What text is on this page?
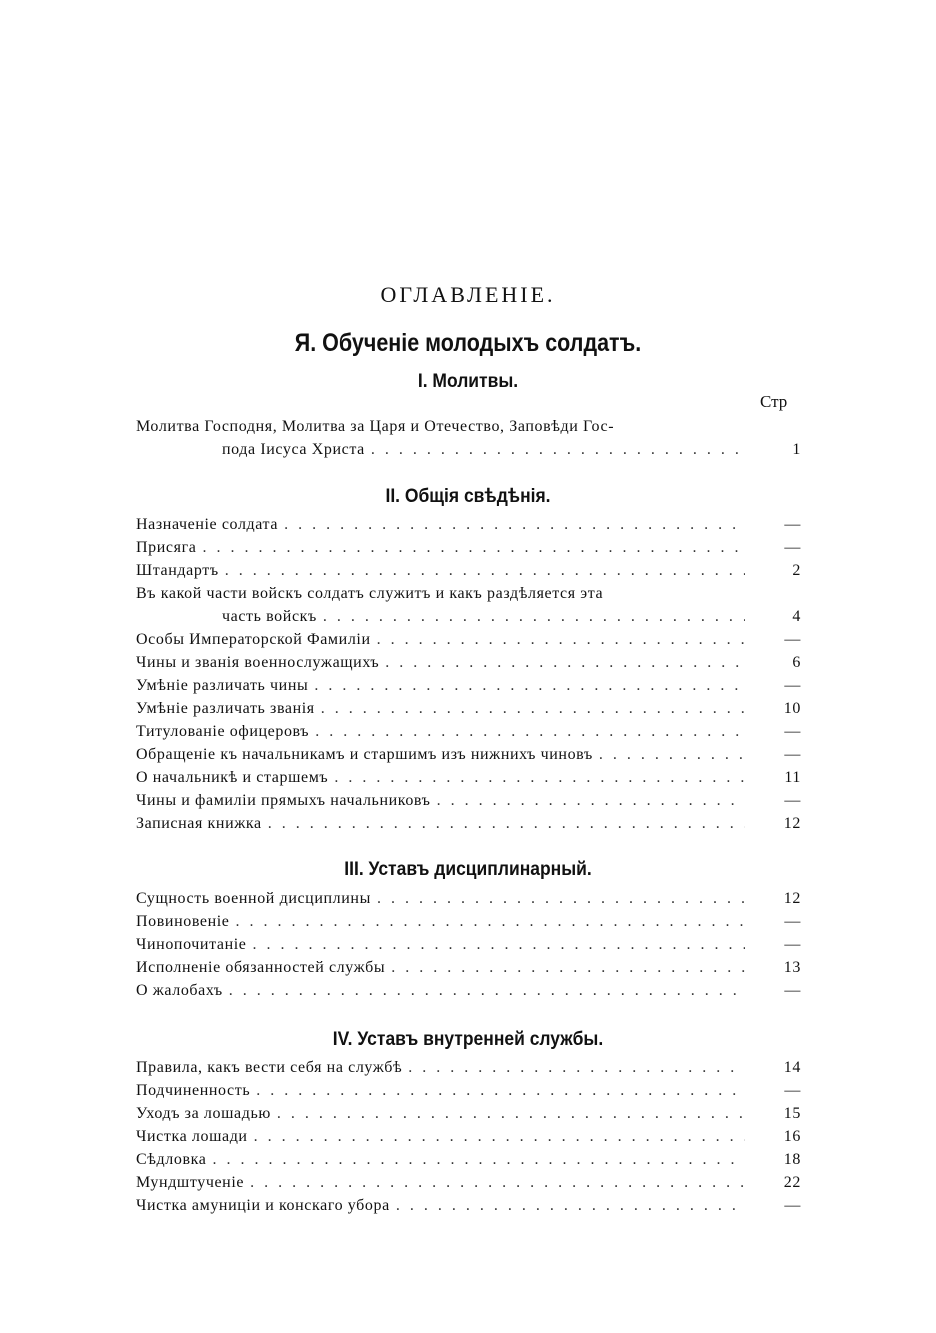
ОГЛАВЛЕНІЕ.
Я. Обученіе молодыхъ солдатъ.
I. Молитвы.
Стр
Молитва Господня, Молитва за Царя и Отечество, Заповѣди Гос-
пода Іисуса Христа . . .	1
II. Общія свѣдѣнія.
Назначеніе солдата . . .	—
Присяга . . .	—
Штандартъ . . .	2
Въ какой части войскъ солдатъ служитъ и какъ раздѣляется эта
часть войскъ . . .	4
Особы Императорской Фамиліи . . .	—
Чины и званія военнослужащихъ . . .	6
Умѣніе различать чины . . .	—
Умѣніе различать званія . . .	10
Титулованіе офицеровъ . . .	—
Обращеніе къ начальникамъ и старшимъ изъ нижнихъ чиновъ . . .	—
О начальникѣ и старшемъ . . .	11
Чины и фамиліи прямыхъ начальниковъ . . .	—
Записная книжка . . .	12
III. Уставъ дисциплинарный.
Сущность военной дисциплины . . .	12
Повиновеніе . . .	—
Чинопочитаніе . . .	—
Исполненіе обязанностей службы . . .	13
О жалобахъ . . .	—
IV. Уставъ внутренней службы.
Правила, какъ вести себя на службѣ . . .	14
Подчиненность . . .	—
Уходъ за лошадью . . .	15
Чистка лошади . . .	16
Сѣдловка . . .	18
Мундштученіе . . .	22
Чистка амуниціи и конскаго убора . . .	—
